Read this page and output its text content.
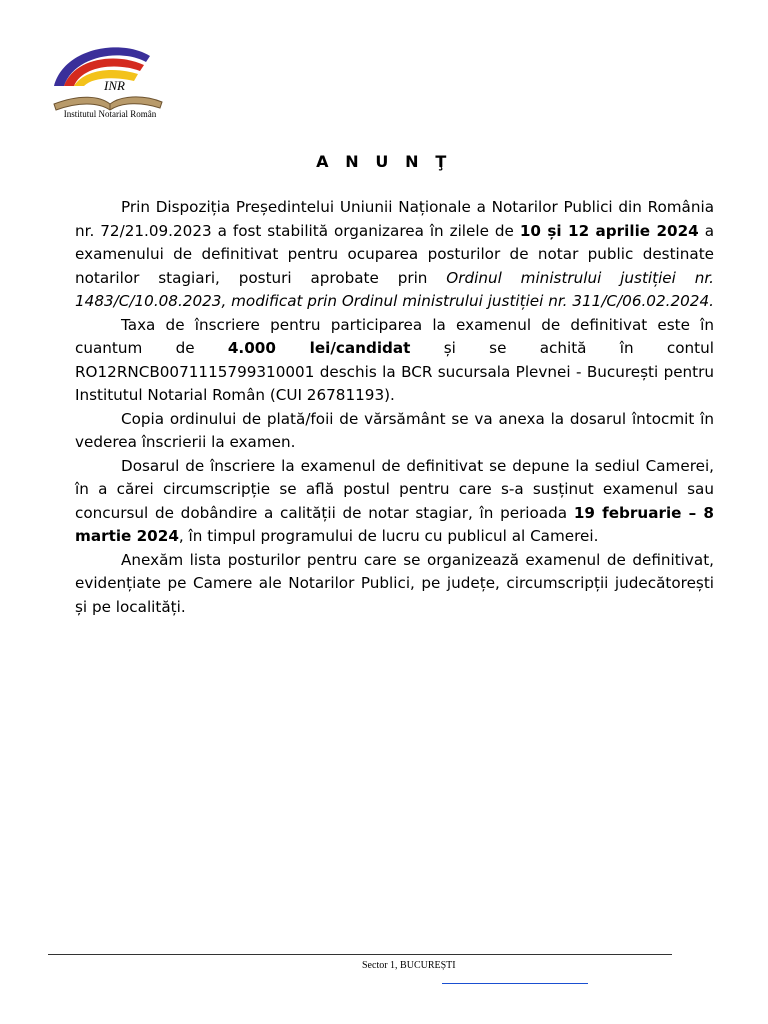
INR
Institutul Notarial Român
A N U N Ţ

Prin Dispoziția Președintelui Uniunii Naționale a Notarilor Publici din România nr. 72/21.09.2023 a fost stabilită organizarea în zilele de 10 și 12 aprilie 2024 a examenului de definitivat pentru ocuparea posturilor de notar public destinate notarilor stagiari, posturi aprobate prin Ordinul ministrului justiției nr. 1483/C/10.08.2023, modificat prin Ordinul ministrului justiției nr. 311/C/06.02.2024.

Taxa de înscriere pentru participarea la examenul de definitivat este în cuantum de 4.000 lei/candidat și se achită în contul RO12RNCB0071115799310001 deschis la BCR sucursala Plevnei - București pentru Institutul Notarial Român (CUI 26781193).

Copia ordinului de plată/foii de vărsământ se va anexa la dosarul întocmit în vederea înscrierii la examen.

Dosarul de înscriere la examenul de definitivat se depune la sediul Camerei, în a cărei circumscripție se află postul pentru care s-a susținut examenul sau concursul de dobândire a calității de notar stagiar, în perioada 19 februarie – 8 martie 2024, în timpul programului de lucru cu publicul al Camerei.

Anexăm lista posturilor pentru care se organizează examenul de definitivat, evidențiate pe Camere ale Notarilor Publici, pe județe, circumscripții judecătorești și pe localități.

Sector 1, BUCUREȘTI
